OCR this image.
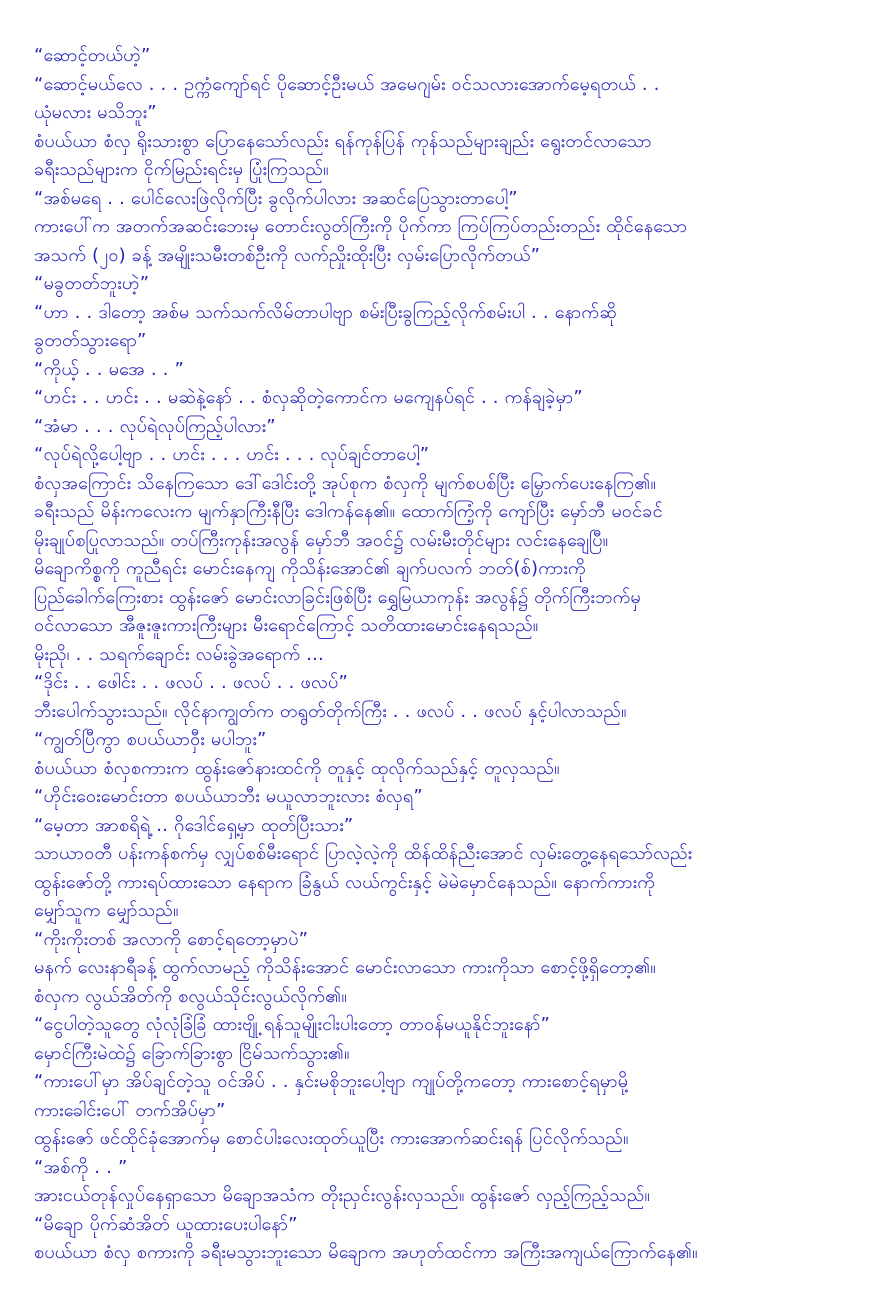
“ဆောင့်တယ်ဟဲ့”
“ဆောင့်မယ်လေ . . . ဥက္ကံကျော်ရင် ပိုဆောင့်ဦးမယ် အမေဂျမ်း ဝင်သလားအောက်မေ့ရတယ် . .
ယုံမလား မသိဘူး”
စံပယ်ယာ စံလှ ရိုးသားစွာ ပြောနေသော်လည်း ရန်ကုန်ပြန် ကုန်သည်များချည်း ရွေးတင်လာသော
ခရီးသည်များက ငိုက်မြည်းရင်းမှ ပြုံးကြသည်။
“အစ်မရေ . . ပေါင်လေးဖြဲလိုက်ပြီး ခွလိုက်ပါလား အဆင်ပြေသွားတာပေါ့”
ကားပေါ်က အတက်အဆင်းဘေးမှ တောင်းလွတ်ကြီးကို ပိုက်ကာ ကြပ်ကြပ်တည်းတည်း ထိုင်နေသော
အသက် (၂၀) ခန့် အမျိုးသမီးတစ်ဦးကို လက်ညှိုးထိုးပြီး လှမ်းပြောလိုက်တယ်”
“မခွတတ်ဘူးဟဲ့”
“ဟာ . . ဒါတော့ အစ်မ သက်သက်လိမ်တာပါဗျာ စမ်းပြီးခွကြည့်လိုက်စမ်းပါ . . နောက်ဆို
ခွတတ်သွားရော”
“ကိုယ့် . . မအေ . . ”
“ဟင်း . . ဟင်း . . မဆဲနဲ့နော် . . စံလှဆိုတဲ့ကောင်က မကျေနပ်ရင် . . ကန်ချခဲ့မှာ”
“အံမာ . . . လုပ်ရဲလုပ်ကြည့်ပါလား”
“လုပ်ရဲလို့ပေါ့ဗျာ . . ဟင်း . . . ဟင်း . . . လုပ်ချင်တာပေါ့”
စံလှအကြောင်း သိနေကြသော ဒေါ်ဒေါင်းတို့ အုပ်စုက စံလှကို မျက်စပစ်ပြီး မြှောက်ပေးနေကြ၏။
ခရီးသည် မိန်းကလေးက မျက်နှာကြီးနီပြီး ဒေါကန်နေ၏။ ထောက်ကြံ့ကို ကျော်ပြီး မှော်ဘီ မဝင်ခင်
မိုးချုပ်စပြုလာသည်။ တပ်ကြီးကုန်းအလွန် မှော်ဘီ အဝင်၌ လမ်းမီးတိုင်များ လင်းနေချေပြီ။
မိချောကိစ္စကို ကူညီရင်း မောင်းနေကျ ကိုသိန်းအောင်၏ ချက်ပလက် ဘတ်(စ်)ကားကို
ပြည်ခေါက်ကြေးစား ထွန်းဇော် မောင်းလာခြင်းဖြစ်ပြီး ရွှေမြယာကုန်း အလွန်၌ တိုက်ကြီးဘက်မှ
ဝင်လာသော အီဇူးဇူးကားကြီးများ မီးရောင်ကြောင့် သတိထားမောင်းနေရသည်။
မိုးညို၊ . . သရက်ချောင်း လမ်းခွဲအရောက် ...
“ဒိုင်း . . ဖေါင်း . . ဖလပ် . . ဖလပ် . . ဖလပ်”
ဘီးပေါက်သွားသည်။ လိုင်နာကျွတ်က တရွတ်တိုက်ကြီး . . ဖလပ် . . ဖလပ် နှင့်ပါလာသည်။
“ကျွတ်ပြီကွာ စပယ်ယာဝှီး မပါဘူး”
စံပယ်ယာ စံလှစကားက ထွန်းဇော်နားထင်ကို တူနှင့် ထုလိုက်သည်နှင့် တူလှသည်။
“ဟိုင်းဝေးမောင်းတာ စပယ်ယာဘီး မယူလာဘူးလား စံလှရ”
“မေ့တာ အာစရိရဲ့ .. ဂိုဒေါင်ရှေ့မှာ ထုတ်ပြီးသား”
သာယာဝတီ ပန်းကန်စက်မှ လျှပ်စစ်မီးရောင် ပြာလဲ့လဲ့ကို ထိန်ထိန်ညီးအောင် လှမ်းတွေ့နေရသော်လည်း
ထွန်းဇော်တို့ ကားရပ်ထားသော နေရာက ခြံနွယ် လယ်ကွင်းနှင့် မဲမဲမှောင်နေသည်။ နောက်ကားကို
မျှော်သူက မျှော်သည်။
“ကိုးကိုးတစ် အလာကို စောင့်ရတော့မှာပဲ”
မနက် လေးနာရီခန့် ထွက်လာမည့် ကိုသိန်းအောင် မောင်းလာသော ကားကိုသာ စောင့်ဖို့ရှိတော့၏။
စံလှက လွယ်အိတ်ကို စလွယ်သိုင်းလွယ်လိုက်၏။
“ငွေပါတဲ့သူတွေ လုံလုံခြံခြံ ထားဗျို့ ရန်သူမျိုးငါးပါးတော့ တာဝန်မယူနိုင်ဘူးနော်”
မှောင်ကြီးမဲထဲ၌ ခြောက်ခြားစွာ ငြိမ်သက်သွား၏။
“ကားပေါ်မှာ အိပ်ချင်တဲ့သူ ဝင်အိပ် . . နှင်းမစိုဘူးပေါ့ဗျာ ကျုပ်တို့ကတော့ ကားစောင့်ရမှာမို့
ကားခေါင်းပေါ် တက်အိပ်မှာ”
ထွန်းဇော် ဖင်ထိုင်ခုံအောက်မှ စောင်ပါးလေးထုတ်ယူပြီး ကားအောက်ဆင်းရန် ပြင်လိုက်သည်။
“အစ်ကို . . ”
အားငယ်တုန်လှုပ်နေရှာသော မိချောအသံက တိုးညှင်းလွန်းလှသည်။ ထွန်းဇော် လှည့်ကြည့်သည်။
“မိချော ပိုက်ဆံအိတ် ယူထားပေးပါနော်”
စပယ်ယာ စံလှ စကားကို ခရီးမသွားဘူးသော မိချောက အဟုတ်ထင်ကာ အကြီးအကျယ်ကြောက်နေ၏။
